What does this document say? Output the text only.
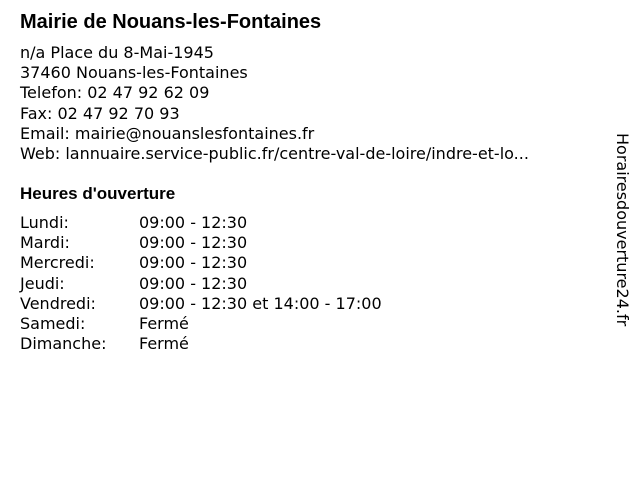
Mairie de Nouans-les-Fontaines
n/a Place du 8-Mai-1945
37460 Nouans-les-Fontaines
Telefon: 02 47 92 62 09
Fax: 02 47 92 70 93
Email: mairie@nouanslesfontaines.fr
Web: lannuaire.service-public.fr/centre-val-de-loire/indre-et-lo...
Heures d'ouverture
Lundi:	09:00 - 12:30
Mardi:	09:00 - 12:30
Mercredi:	09:00 - 12:30
Jeudi:	09:00 - 12:30
Vendredi:	09:00 - 12:30 et 14:00 - 17:00
Samedi:	Fermé
Dimanche: Fermé
Horairesdouverture24.fr
